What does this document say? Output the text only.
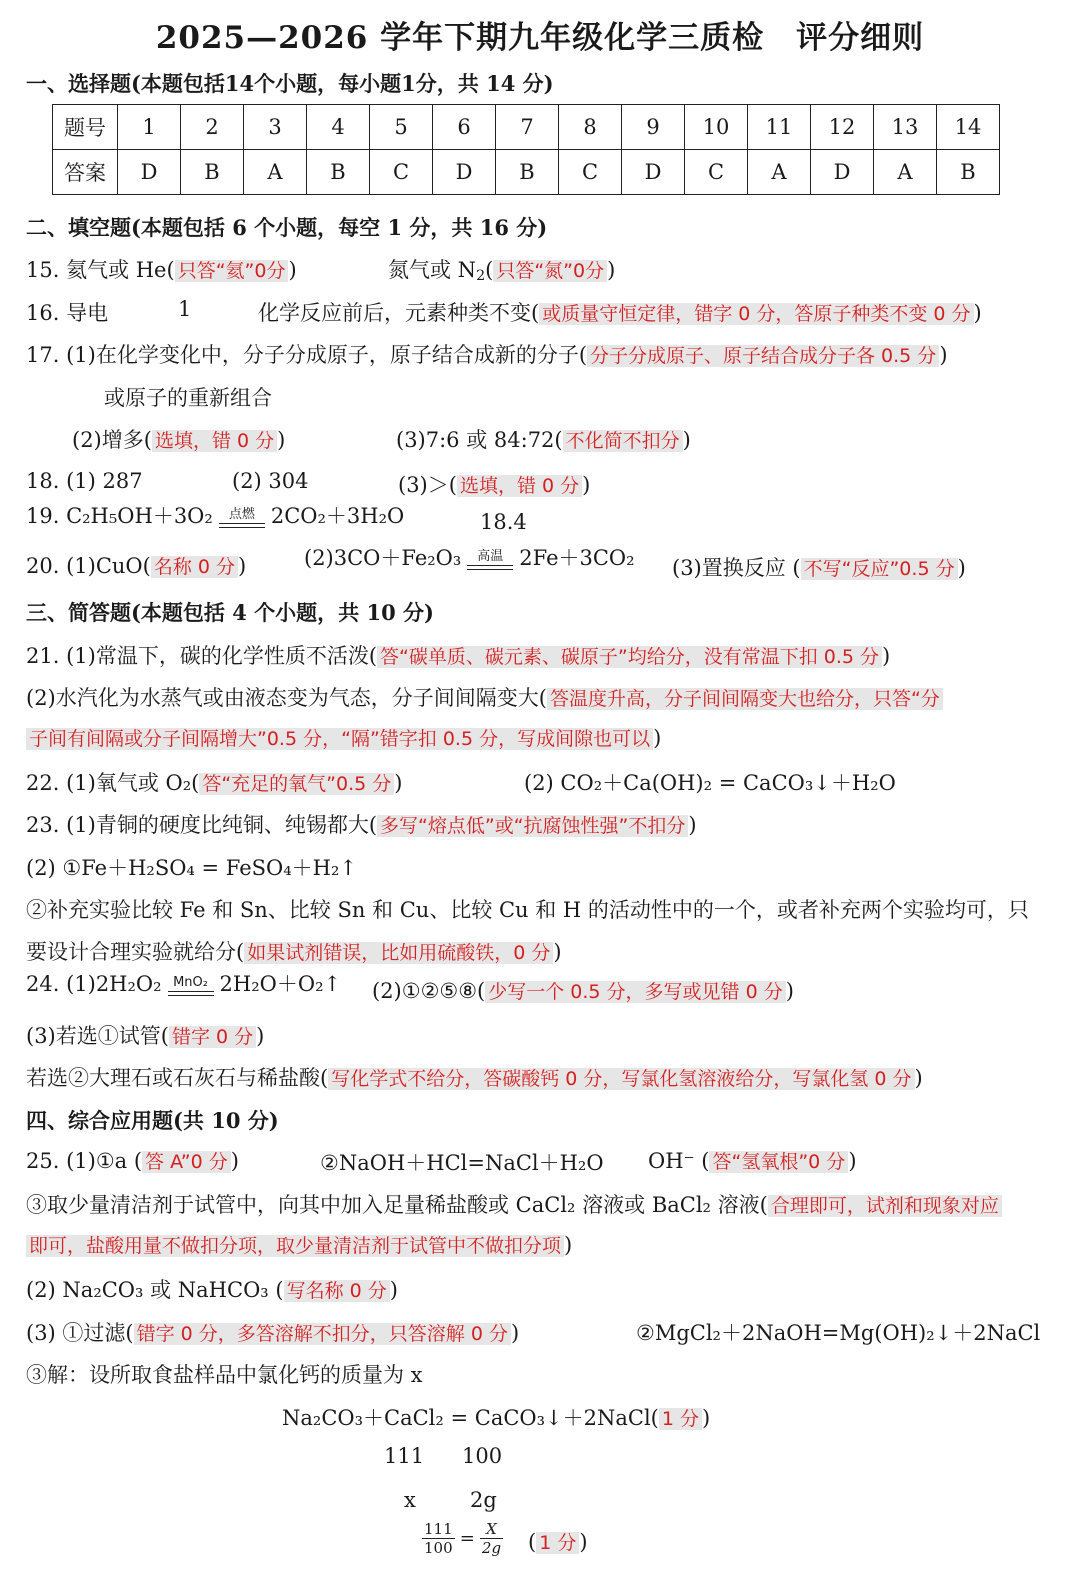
2025—2026 学年下期九年级化学三质检　评分细则
一、选择题(本题包括14个小题，每小题1分，共 14 分)
题号	1	2	3	4	5	6	7	8	9	10	11	12	13	14
答案	D	B	A	B	C	D	B	C	D	C	A	D	A	B
二、填空题(本题包括 6 个小题，每空 1 分，共 16 分)
15. 氦气或 He( 只答“氦”0分 )	氮气或 $N_2$( 只答“氮”0分 )
16. 导电	1	化学反应前后，元素种类不变( 或质量守恒定律，错字 0 分，答原子种类不变 0 分 )
17. (1)在化学变化中，分子分成原子，原子结合成新的分子( 分子分成原子、原子结合成分子各 0.5 分 )
或原子的重新组合
(2)增多( 选填，错 0 分 )	(3)7:6 或 84:72( 不化简不扣分 )
18. (1) 287	(2) 304	(3)＞( 选填，错 0 分 )
19. C₂H₅OH＋3O₂	点燃 2CO₂＋3H₂O	18.4
20. (1)CuO( 名称 0 分 )	(2)3CO＋Fe₂O₃	高温 2Fe＋3CO₂ (3)置换反应 ( 不写“反应”0.5 分 )
三、简答题(本题包括 4 个小题，共 10 分)
21. (1)常温下，碳的化学性质不活泼( 答“碳单质、碳元素、碳原子”均给分，没有常温下扣 0.5 分 )
(2)水汽化为水蒸气或由液态变为气态，分子间间隔变大( 答温度升高，分子间间隔变大也给分，只答“分
子间有间隔或分子间隔增大”0.5 分，“隔”错字扣 0.5 分，写成间隙也可以 )
22. (1)氧气或 O₂( 答“充足的氧气”0.5 分 )	(2) CO₂＋Ca(OH)₂ = CaCO₃↓＋H₂O
23. (1)青铜的硬度比纯铜、纯锡都大( 多写“熔点低”或“抗腐蚀性强”不扣分 )
(2) ①Fe＋H₂SO₄ = FeSO₄＋H₂↑
②补充实验比较 Fe 和 Sn、比较 Sn 和 Cu、比较 Cu 和 H 的活动性中的一个，或者补充两个实验均可，只
要设计合理实验就给分( 如果试剂错误，比如用硫酸铁，0 分 )
24. (1)2H₂O₂ MnO₂ 2H₂O＋O₂↑ (2)①②⑤⑧( 少写一个 0.5 分，多写或见错 0 分 )
(3)若选①试管( 错字 0 分 )
若选②大理石或石灰石与稀盐酸( 写化学式不给分，答碳酸钙 0 分，写氯化氢溶液给分，写氯化氢 0 分 )
四、综合应用题(共 10 分)
25. (1)①a ( 答 A”0 分 )	②NaOH＋HCl=NaCl＋H₂O OH⁻ ( 答“氢氧根”0 分 )
③取少量清洁剂于试管中，向其中加入足量稀盐酸或 CaCl₂ 溶液或 BaCl₂ 溶液( 合理即可，试剂和现象对应
即可，盐酸用量不做扣分项，取少量清洁剂于试管中不做扣分项 )
(2) Na₂CO₃ 或 NaHCO₃ ( 写名称 0 分 )
(3) ①过滤( 错字 0 分，多答溶解不扣分，只答溶解 0 分 )	②MgCl₂＋2NaOH=Mg(OH)₂↓＋2NaCl
③解：设所取食盐样品中氯化钙的质量为 x
Na₂CO₃＋CaCl₂ = CaCO₃↓＋2NaCl( 1 分 )
111 100
x	2g
$\frac{111}{100} = \frac{X}{2g}$ ( 1 分 )
